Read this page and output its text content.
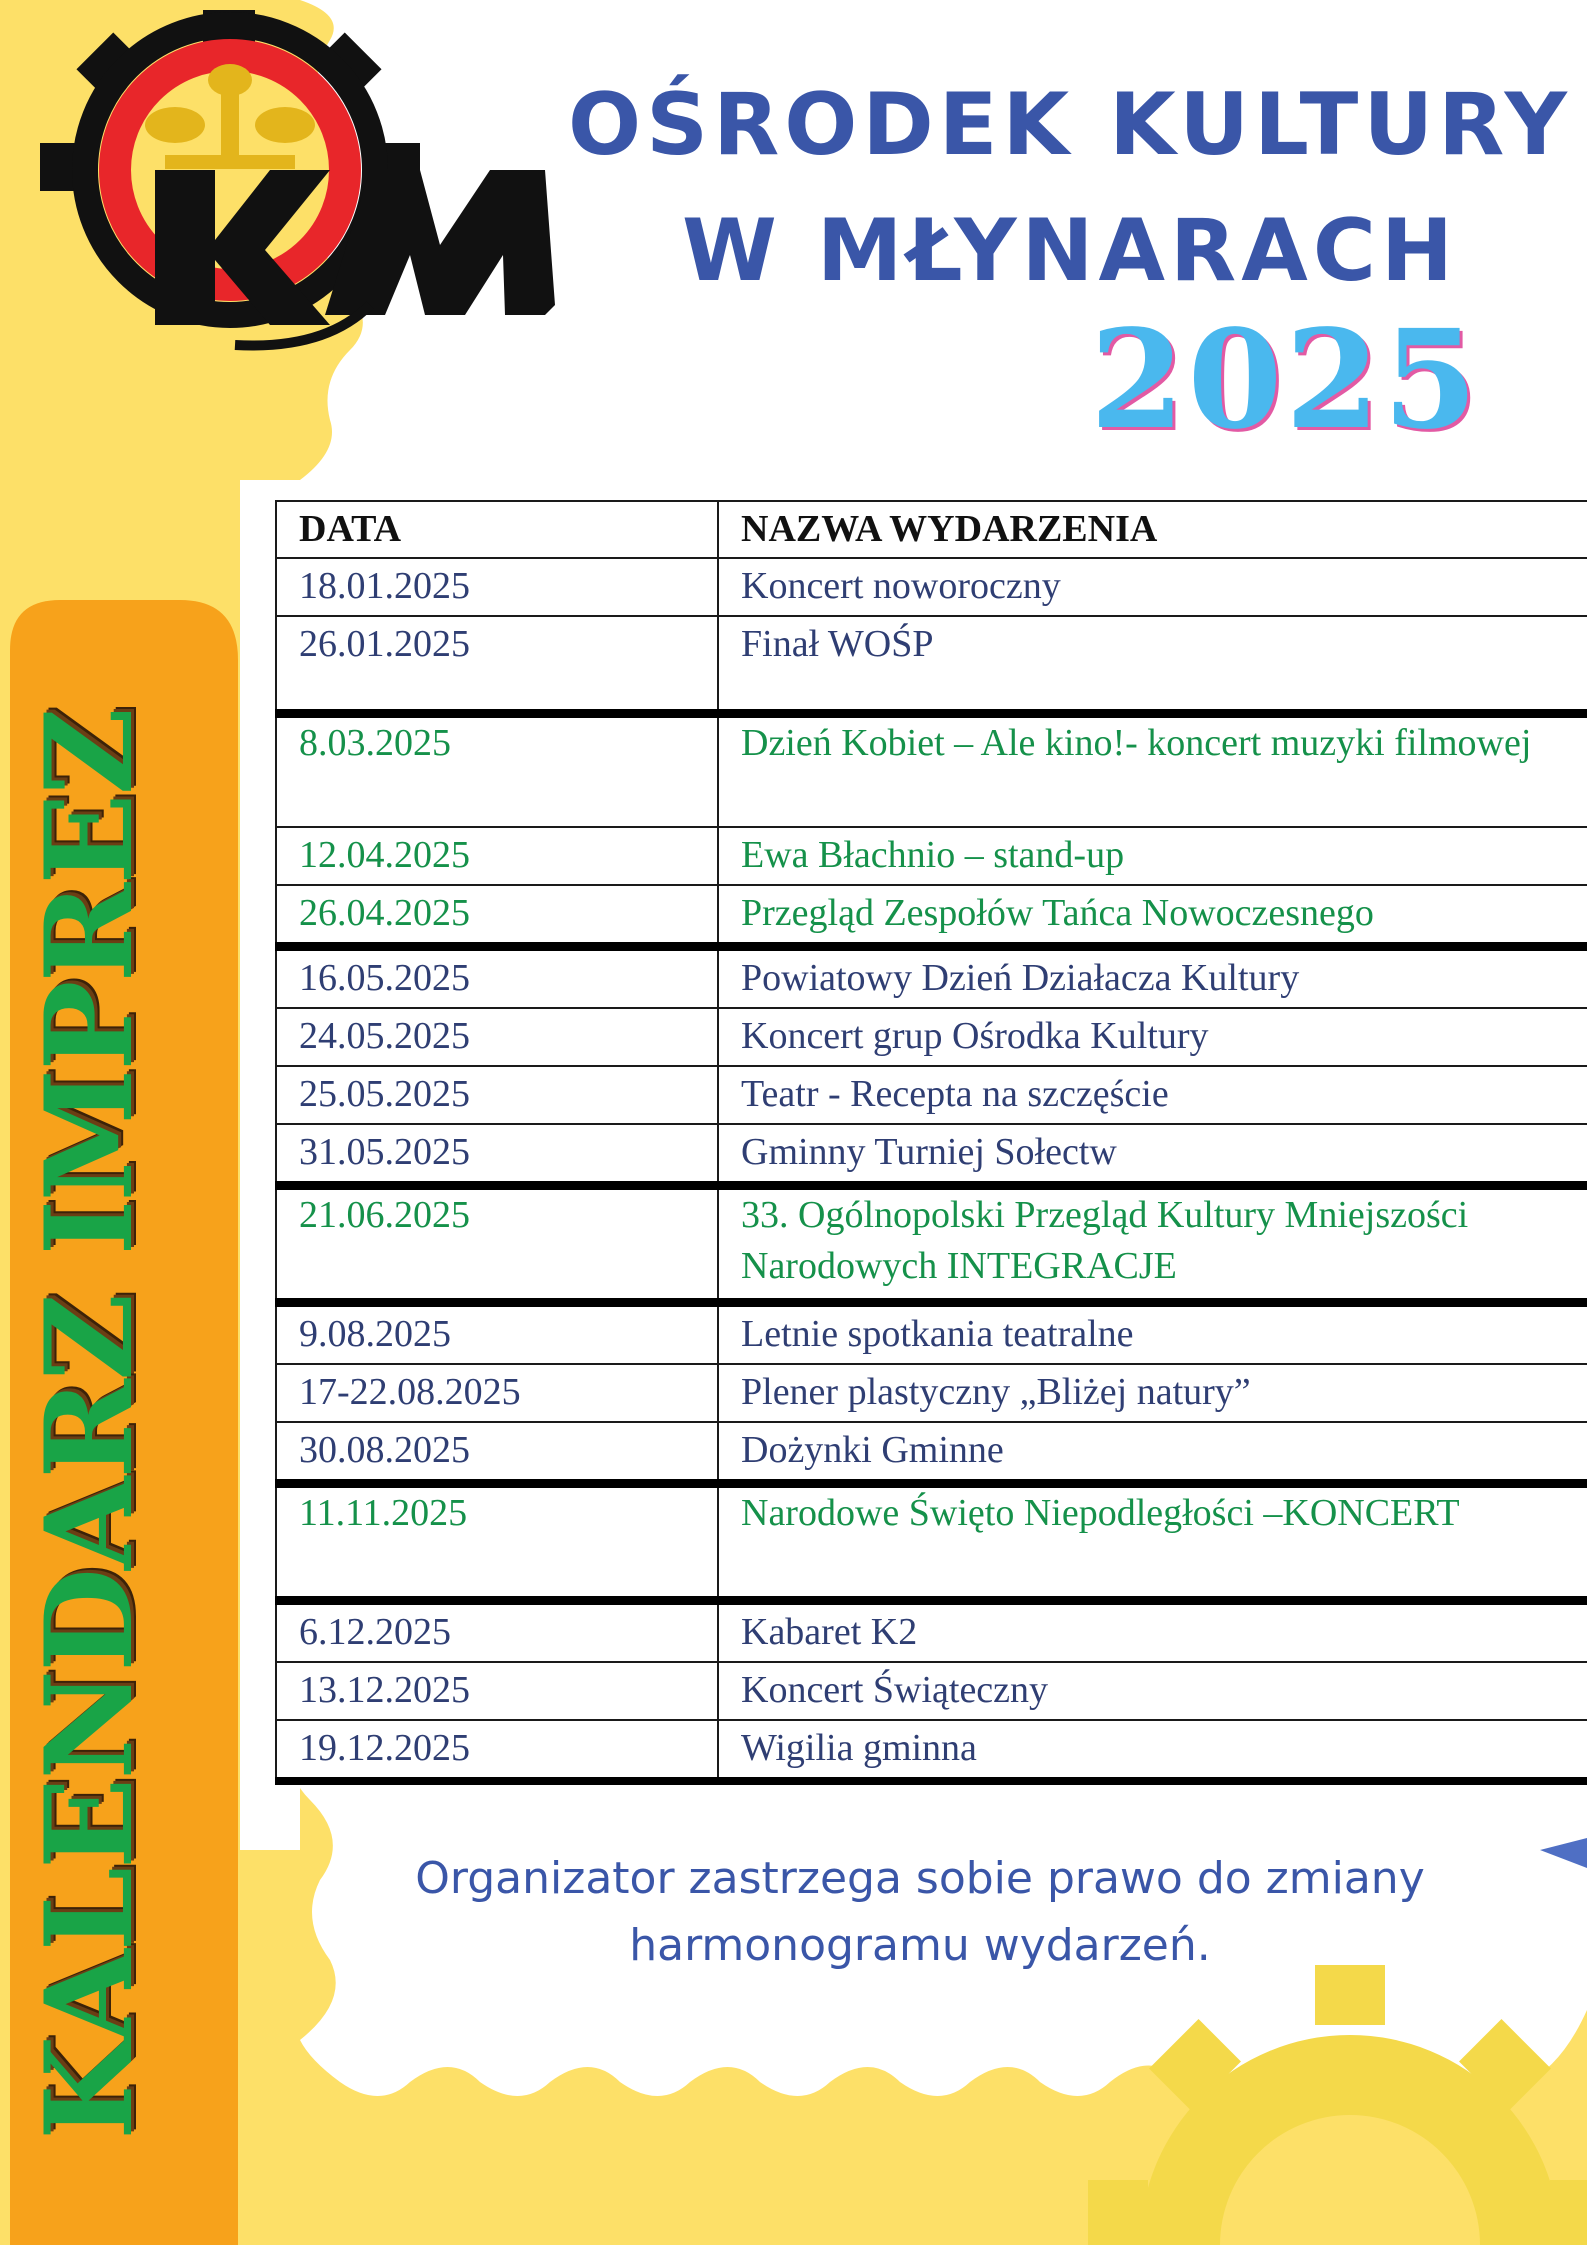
OŚRODEK KULTURY
W MŁYNARACH
2025
KALENDARZ IMPREZ
DATA	NAZWA WYDARZENIA
18.01.2025	Koncert noworoczny
26.01.2025	Finał WOŚP
8.03.2025	Dzień Kobiet – Ale kino!- koncert muzyki filmowej
12.04.2025	Ewa Błachnio – stand-up
26.04.2025	Przegląd Zespołów Tańca Nowoczesnego
16.05.2025	Powiatowy Dzień Działacza Kultury
24.05.2025	Koncert grup Ośrodka Kultury
25.05.2025	Teatr - Recepta na szczęście
31.05.2025	Gminny Turniej Sołectw
21.06.2025	33. Ogólnopolski Przegląd Kultury Mniejszości Narodowych INTEGRACJE
9.08.2025	Letnie spotkania teatralne
17-22.08.2025	Plener plastyczny „Bliżej natury”
30.08.2025	Dożynki Gminne
11.11.2025	Narodowe Święto Niepodległości –KONCERT
6.12.2025	Kabaret K2
13.12.2025	Koncert Świąteczny
19.12.2025	Wigilia gminna
Organizator zastrzega sobie prawo do zmiany
harmonogramu wydarzeń.
